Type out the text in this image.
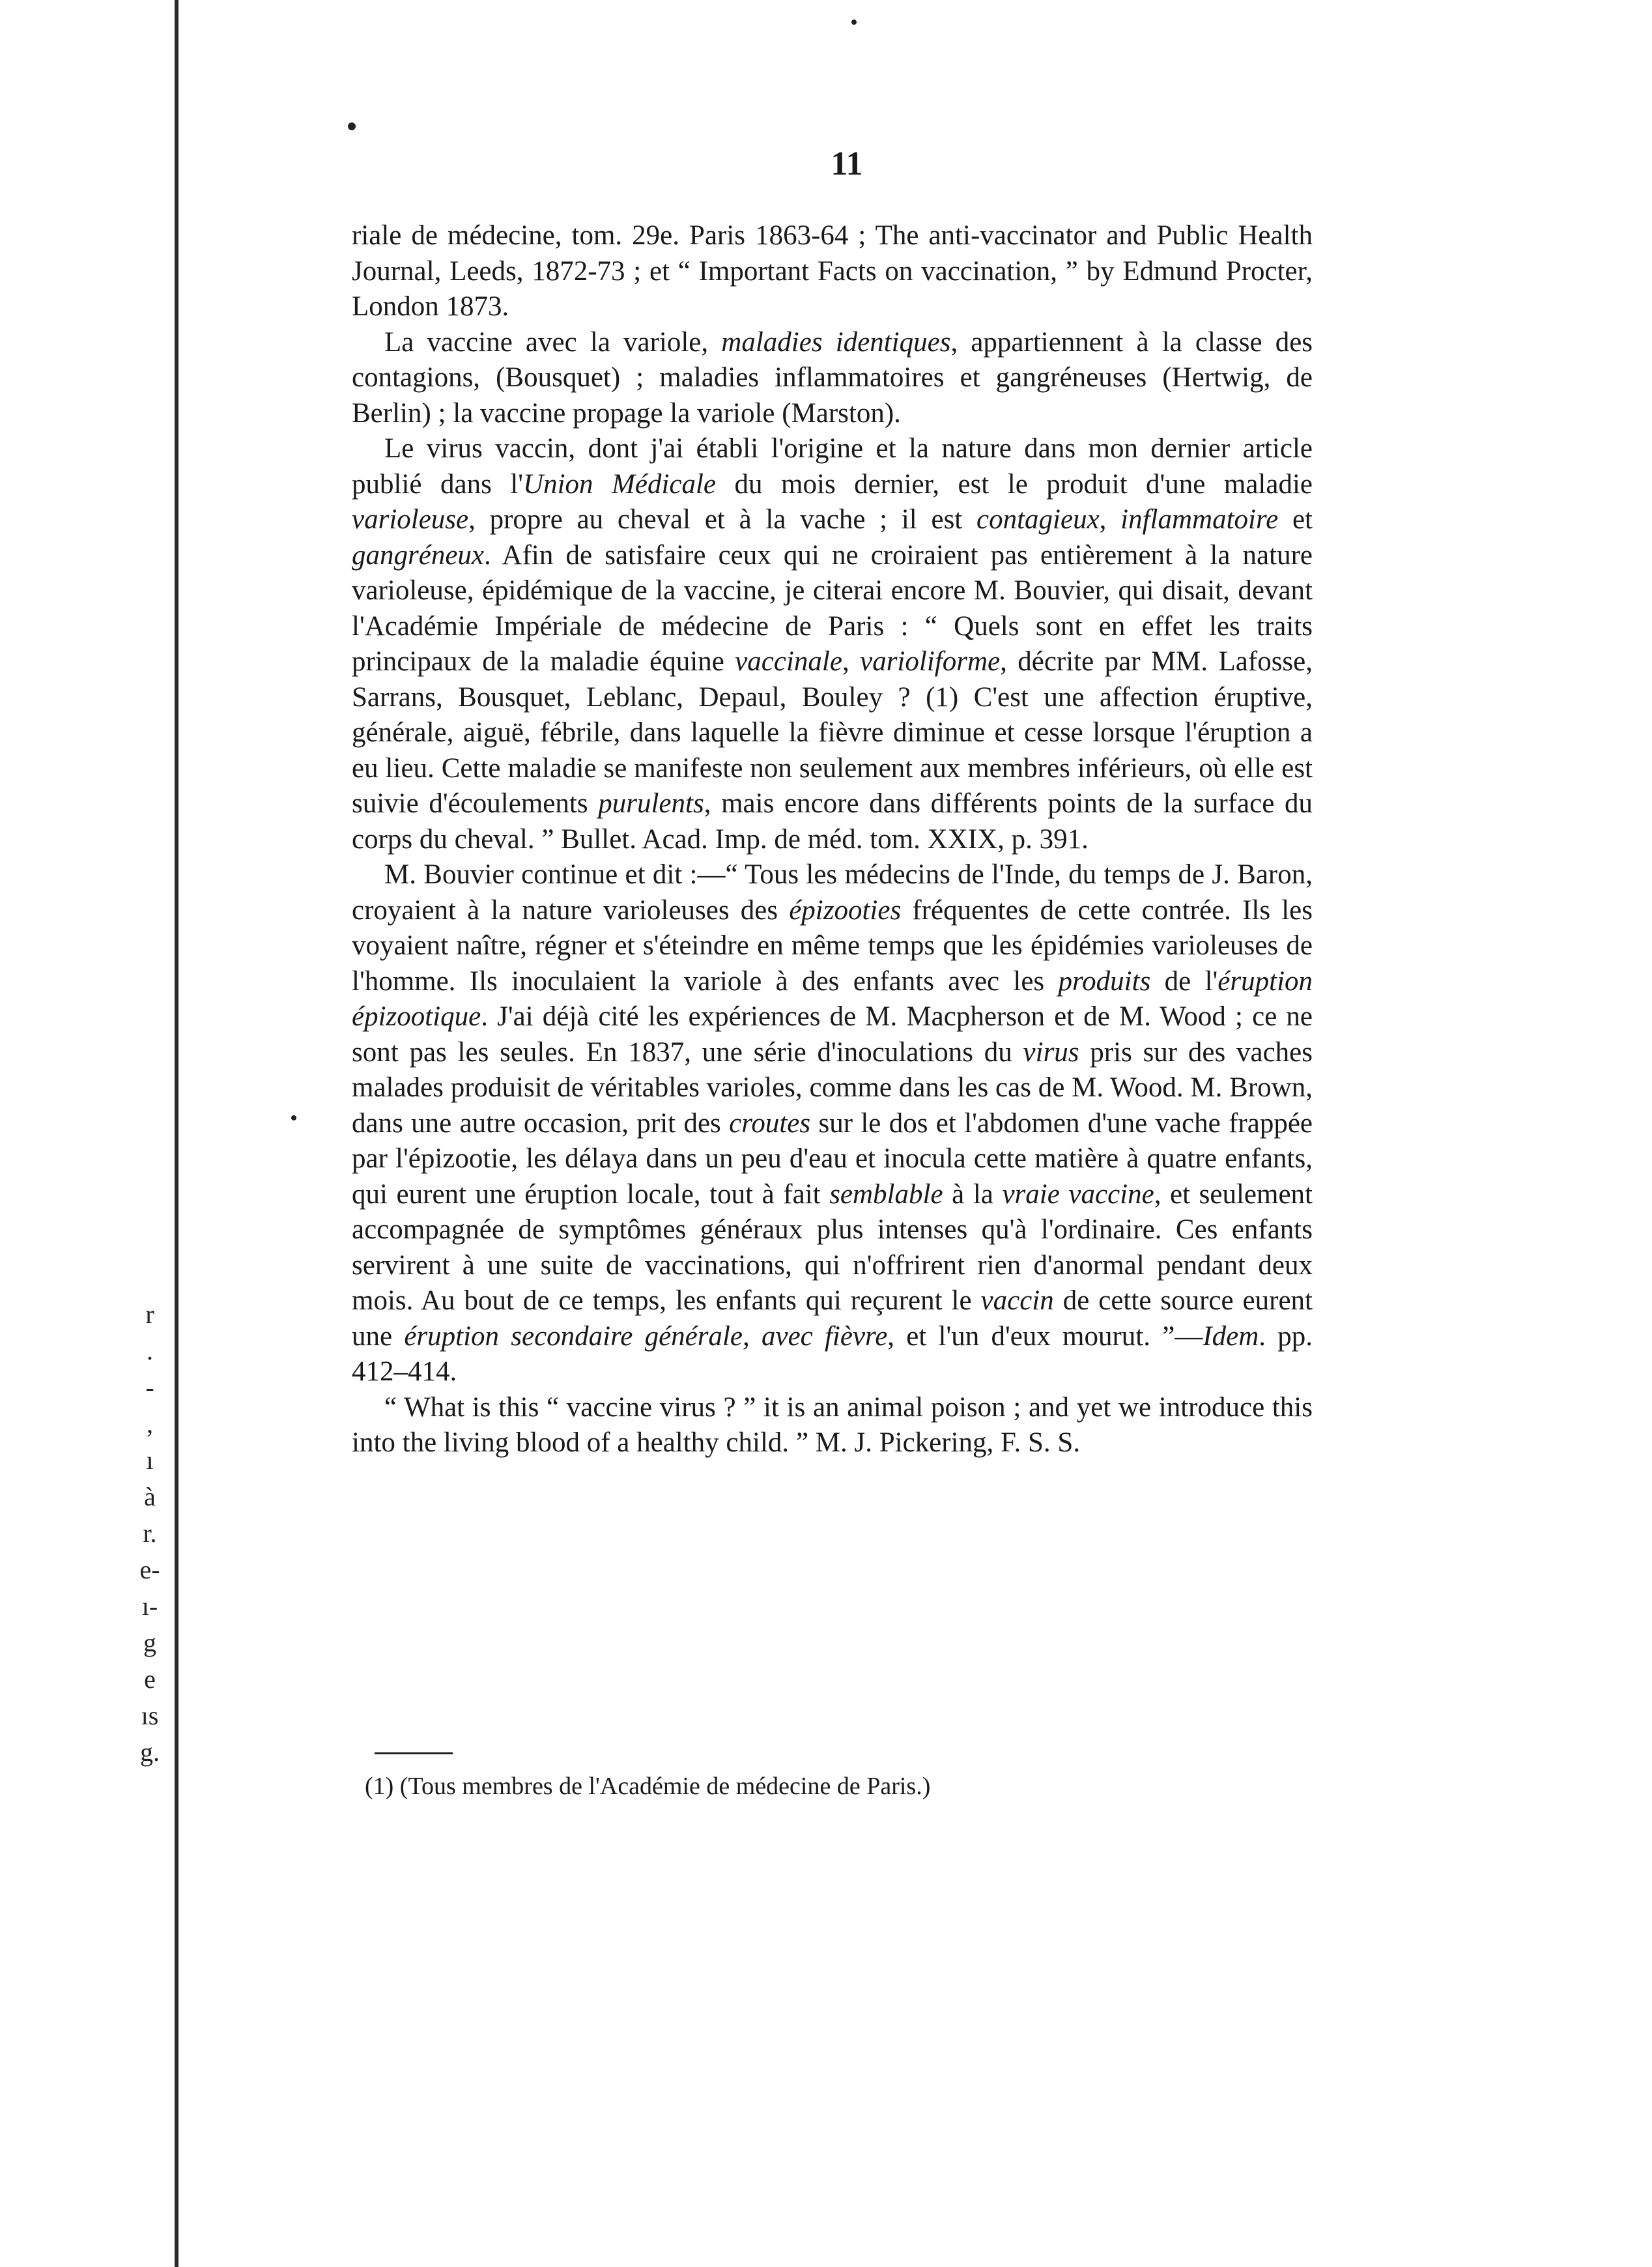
r
.
-
,
ı
à
r.
e-
ı-
g
e
ıs
g.
11

riale de médecine, tom. 29e. Paris 1863-64 ; The anti-vaccinator and Public Health Journal, Leeds, 1872-73 ; et “ Important Facts on vaccination, ” by Edmund Procter, London 1873.

La vaccine avec la variole, maladies identiques, appartiennent à la classe des contagions, (Bousquet) ; maladies inflammatoires et gangréneuses (Hertwig, de Berlin) ; la vaccine propage la variole (Marston).

Le virus vaccin, dont j'ai établi l'origine et la nature dans mon dernier article publié dans l'Union Médicale du mois dernier, est le produit d'une maladie varioleuse, propre au cheval et à la vache ; il est contagieux, inflammatoire et gangréneux. Afin de satisfaire ceux qui ne croiraient pas entièrement à la nature varioleuse, épidémique de la vaccine, je citerai encore M. Bouvier, qui disait, devant l'Académie Impériale de médecine de Paris : “ Quels sont en effet les traits principaux de la maladie équine vaccinale, varioliforme, décrite par MM. Lafosse, Sarrans, Bousquet, Leblanc, Depaul, Bouley ? (1) C'est une affection éruptive, générale, aiguë, fébrile, dans laquelle la fièvre diminue et cesse lorsque l'éruption a eu lieu. Cette maladie se manifeste non seulement aux membres inférieurs, où elle est suivie d'écoulements purulents, mais encore dans différents points de la surface du corps du cheval. ” Bullet. Acad. Imp. de méd. tom. XXIX, p. 391.

M. Bouvier continue et dit :—“ Tous les médecins de l'Inde, du temps de J. Baron, croyaient à la nature varioleuses des épizooties fréquentes de cette contrée. Ils les voyaient naître, régner et s'éteindre en même temps que les épidémies varioleuses de l'homme. Ils inoculaient la variole à des enfants avec les produits de l'éruption épizootique. J'ai déjà cité les expériences de M. Macpherson et de M. Wood ; ce ne sont pas les seules. En 1837, une série d'inoculations du virus pris sur des vaches malades produisit de véritables varioles, comme dans les cas de M. Wood. M. Brown, dans une autre occasion, prit des croutes sur le dos et l'abdomen d'une vache frappée par l'épizootie, les délaya dans un peu d'eau et inocula cette matière à quatre enfants, qui eurent une éruption locale, tout à fait semblable à la vraie vaccine, et seulement accompagnée de symptômes généraux plus intenses qu'à l'ordinaire. Ces enfants servirent à une suite de vaccinations, qui n'offrirent rien d'anormal pendant deux mois. Au bout de ce temps, les enfants qui reçurent le vaccin de cette source eurent une éruption secondaire générale, avec fièvre, et l'un d'eux mourut. ”—Idem. pp. 412–414.

“ What is this “ vaccine virus ? ” it is an animal poison ; and yet we introduce this into the living blood of a healthy child. ” M. J. Pickering, F. S. S.

(1) (Tous membres de l'Académie de médecine de Paris.)
